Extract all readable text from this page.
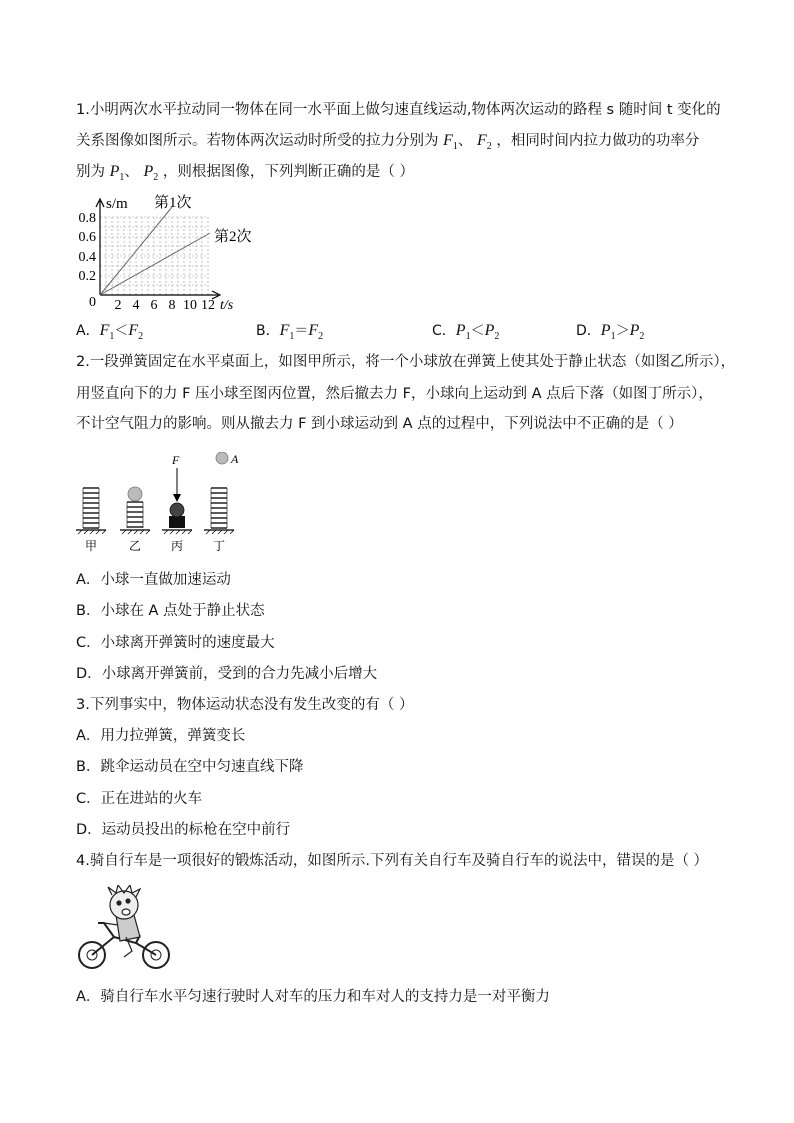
1.小明两次水平拉动同一物体在同一水平面上做匀速直线运动,物体两次运动的路程 s 随时间 t 变化的
关系图像如图所示。若物体两次运动时所受的拉力分别为 $F_1$、 $F_2$ ，相同时间内拉力做功的功率分
别为 $P_1$、 $P_2$ ，则根据图像，下列判断正确的是（ ）
s/m 第1次
第2次
0.8
0.6
0.4
0.2
0 2 4 6 8 10 12 t/s
A．$F_1<F_2$	B．$F_1=F_2$	C．$P_1<P_2$	D．$P_1>P_2$
2.一段弹簧固定在水平桌面上，如图甲所示，将一个小球放在弹簧上使其处于静止状态（如图乙所示），
用竖直向下的力 F 压小球至图丙位置，然后撤去力 F，小球向上运动到 A 点后下落（如图丁所示），
不计空气阻力的影响。则从撤去力 F 到小球运动到 A 点的过程中，下列说法中不正确的是（ ）
F	A
甲	乙 丙 丁
A．小球一直做加速运动
B．小球在 A 点处于静止状态
C．小球离开弹簧时的速度最大
D．小球离开弹簧前，受到的合力先减小后增大
3.下列事实中，物体运动状态没有发生改变的有（ ）
A．用力拉弹簧，弹簧变长
B．跳伞运动员在空中匀速直线下降
C．正在进站的火车
D．运动员投出的标枪在空中前行
4.骑自行车是一项很好的锻炼活动，如图所示.下列有关自行车及骑自行车的说法中，错误的是（ ）
A．骑自行车水平匀速行驶时人对车的压力和车对人的支持力是一对平衡力
